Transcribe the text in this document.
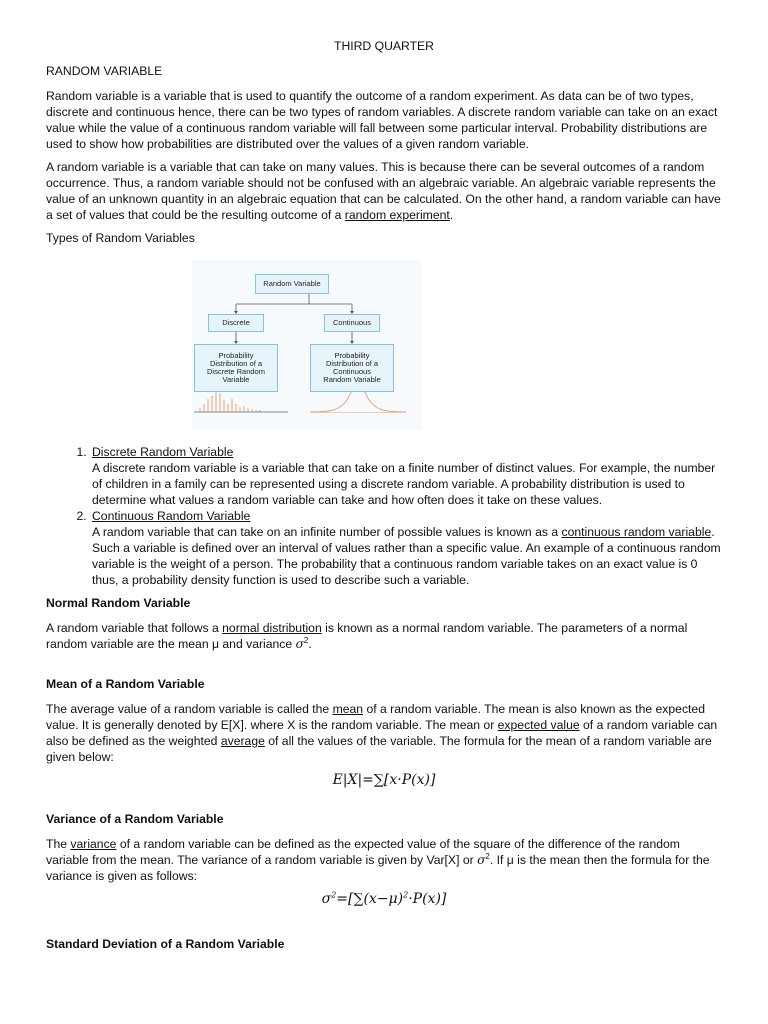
THIRD QUARTER

RANDOM VARIABLE

Random variable is a variable that is used to quantify the outcome of a random experiment. As data can be of two types, discrete and continuous hence, there can be two types of random variables. A discrete random variable can take on an exact value while the value of a continuous random variable will fall between some particular interval. Probability distributions are used to show how probabilities are distributed over the values of a given random variable.

A random variable is a variable that can take on many values. This is because there can be several outcomes of a random occurrence. Thus, a random variable should not be confused with an algebraic variable. An algebraic variable represents the value of an unknown quantity in an algebraic equation that can be calculated. On the other hand, a random variable can have a set of values that could be the resulting outcome of a random experiment.

Types of Random Variables

Random Variable
Discrete	Continuous
Probability Distribution of a Discrete Random Variable
Probability Distribution of a Continuous Random Variable
1. Discrete Random Variable
A discrete random variable is a variable that can take on a finite number of distinct values. For example, the number of children in a family can be represented using a discrete random variable. A probability distribution is used to determine what values a random variable can take and how often does it take on these values.
2. Continuous Random Variable
A random variable that can take on an infinite number of possible values is known as a continuous random variable. Such a variable is defined over an interval of values rather than a specific value. An example of a continuous random variable is the weight of a person. The probability that a continuous random variable takes on an exact value is 0 thus, a probability density function is used to describe such a variable.

Normal Random Variable

A random variable that follows a normal distribution is known as a normal random variable. The parameters of a normal random variable are the mean μ and variance $\sigma^2$.

Mean of a Random Variable

The average value of a random variable is called the mean of a random variable. The mean is also known as the expected value. It is generally denoted by E[X]. where X is the random variable. The mean or expected value of a random variable can also be defined as the weighted average of all the values of the variable. The formula for the mean of a random variable are given below:

E|X|=∑[x·P(x)]

Variance of a Random Variable

The variance of a random variable can be defined as the expected value of the square of the difference of the random variable from the mean. The variance of a random variable is given by Var[X] or $\sigma^2$. If μ is the mean then the formula for the variance is given as follows:

$\sigma^2=[\sum(x-\mu)^2\cdot P(x)]$

Standard Deviation of a Random Variable
